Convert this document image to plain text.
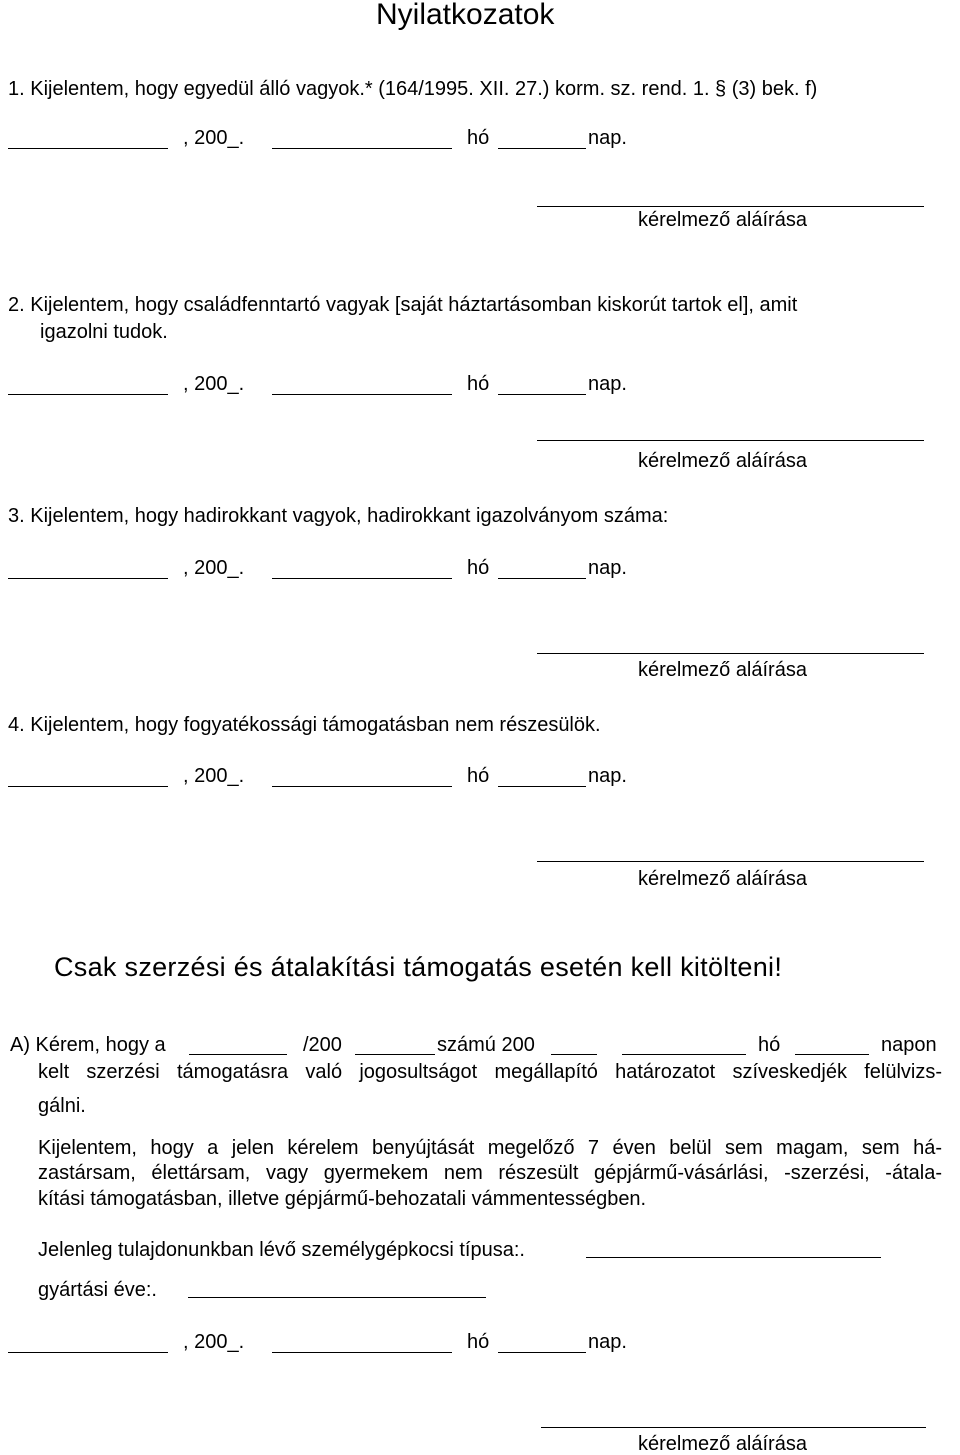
Nyilatkozatok
1. Kijelentem, hogy egyedül álló vagyok.* (164/1995. XII. 27.) korm. sz. rend. 1. § (3) bek. f)
, 200_.	hó	nap.
kérelmező aláírása
2. Kijelentem, hogy családfenntartó vagyak [saját háztartásomban kiskorút tartok el], amit
igazolni tudok.
, 200_.	hó	nap.
kérelmező aláírása
3. Kijelentem, hogy hadirokkant vagyok, hadirokkant igazolványom száma:
, 200_.	hó	nap.
kérelmező aláírása
4. Kijelentem, hogy fogyatékossági támogatásban nem részesülök.
, 200_.	hó	nap.
kérelmező aláírása
Csak szerzési és átalakítási támogatás esetén kell kitölteni!
A) Kérem, hogy a	/200	számú 200	hó	napon
kelt szerzési támogatásra való jogosultságot megállapító határozatot szíveskedjék felülvizs-
gálni.
Kijelentem, hogy a jelen kérelem benyújtását megelőző 7 éven belül sem magam, sem há-
zastársam, élettársam, vagy gyermekem nem részesült gépjármű-vásárlási, -szerzési, -átala-
kítási támogatásban, illetve gépjármű-behozatali vámmentességben.
Jelenleg tulajdonunkban lévő személygépkocsi típusa:.
gyártási éve:.
, 200_.	hó	nap.
kérelmező aláírása
